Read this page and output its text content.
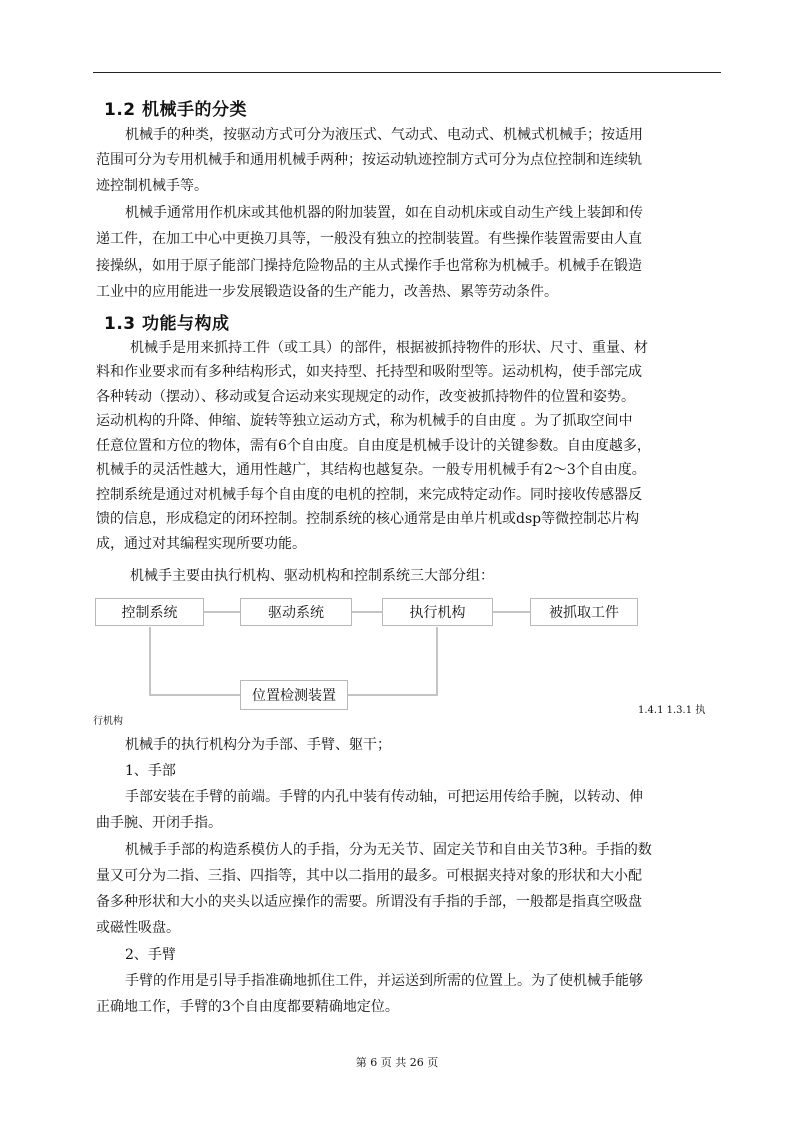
1.2 机械手的分类
机械手的种类，按驱动方式可分为液压式、气动式、电动式、机械式机械手；按适用
范围可分为专用机械手和通用机械手两种；按运动轨迹控制方式可分为点位控制和连续轨
迹控制机械手等。
机械手通常用作机床或其他机器的附加装置，如在自动机床或自动生产线上装卸和传
递工件，在加工中心中更换刀具等，一般没有独立的控制装置。有些操作装置需要由人直
接操纵，如用于原子能部门操持危险物品的主从式操作手也常称为机械手。机械手在锻造
工业中的应用能进一步发展锻造设备的生产能力，改善热、累等劳动条件。
1.3 功能与构成
机械手是用来抓持工件（或工具）的部件，根据被抓持物件的形状、尺寸、重量、材
料和作业要求而有多种结构形式，如夹持型、托持型和吸附型等。运动机构，使手部完成
各种转动（摆动）、移动或复合运动来实现规定的动作，改变被抓持物件的位置和姿势。
运动机构的升降、伸缩、旋转等独立运动方式，称为机械手的自由度 。为了抓取空间中
任意位置和方位的物体，需有6个自由度。自由度是机械手设计的关键参数。自由度越多，
机械手的灵活性越大，通用性越广，其结构也越复杂。一般专用机械手有2～3个自由度。
控制系统是通过对机械手每个自由度的电机的控制，来完成特定动作。同时接收传感器反
馈的信息，形成稳定的闭环控制。控制系统的核心通常是由单片机或dsp等微控制芯片构
成，通过对其编程实现所要功能。
机械手主要由执行机构、驱动机构和控制系统三大部分组：
控制系统	驱动系统	执行机构	被抓取工件
位置检测装置
1.4.1 1.3.1 执
行机构
机械手的执行机构分为手部、手臂、躯干；
1、手部
手部安装在手臂的前端。手臂的内孔中装有传动轴，可把运用传给手腕，以转动、伸
曲手腕、开闭手指。
机械手手部的构造系模仿人的手指，分为无关节、固定关节和自由关节3种。手指的数
量又可分为二指、三指、四指等，其中以二指用的最多。可根据夹持对象的形状和大小配
备多种形状和大小的夹头以适应操作的需要。所谓没有手指的手部，一般都是指真空吸盘
或磁性吸盘。
2、手臂
手臂的作用是引导手指准确地抓住工件，并运送到所需的位置上。为了使机械手能够
正确地工作，手臂的3个自由度都要精确地定位。
第 6 页 共 26 页
